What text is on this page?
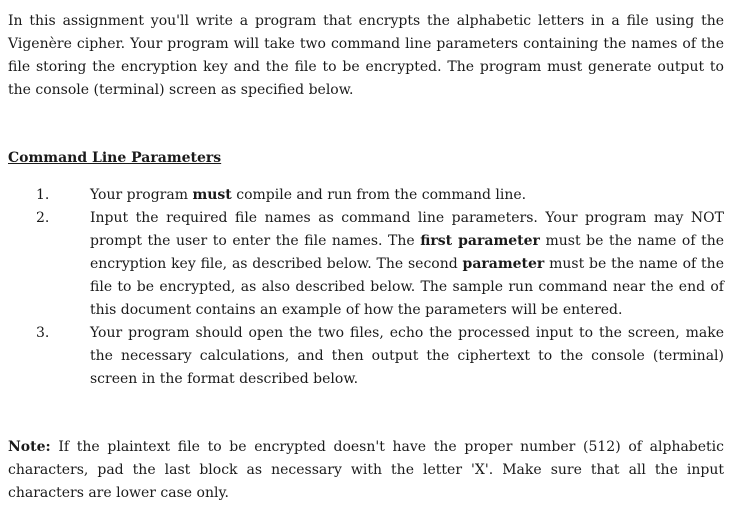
In this assignment you'll write a program that encrypts the alphabetic letters in a file using the Vigenère cipher. Your program will take two command line parameters containing the names of the file storing the encryption key and the file to be encrypted. The program must generate output to the console (terminal) screen as specified below.

Command Line Parameters
1.	Your program must compile and run from the command line.
2.	Input the required file names as command line parameters. Your program may NOT prompt the user to enter the file names. The first parameter must be the name of the encryption key file, as described below. The second parameter must be the name of the file to be encrypted, as also described below. The sample run command near the end of this document contains an example of how the parameters will be entered.
3.	Your program should open the two files, echo the processed input to the screen, make the necessary calculations, and then output the ciphertext to the console (terminal) screen in the format described below.

Note: If the plaintext file to be encrypted doesn't have the proper number (512) of alphabetic characters, pad the last block as necessary with the letter 'X'. Make sure that all the input characters are lower case only.
